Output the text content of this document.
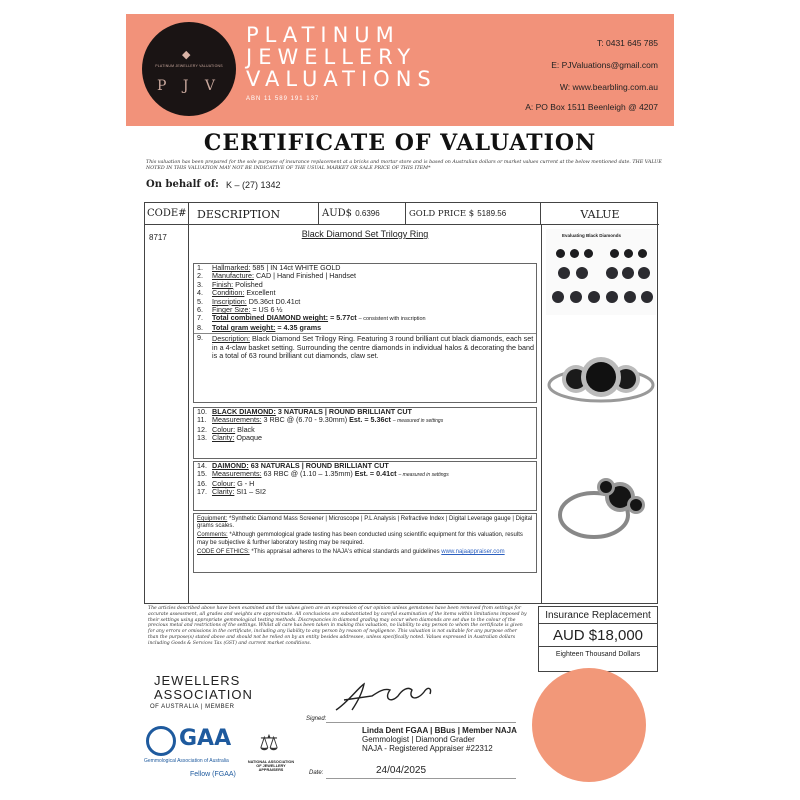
◆
PLATINUM JEWELLERY VALUATIONS
P J V
PLATINUM
JEWELLERY
VALUATIONS
ABN 11 589 191 137
T: 0431 645 785
E: PJValuations@gmail.com
W: www.bearbling.com.au
A: PO Box 1511 Beenleigh @ 4207
CERTIFICATE OF VALUATION
This valuation has been prepared for the sole purpose of insurance replacement at a bricks and mortar store and is based on Australian dollars or market values current at the below mentioned date. THE VALUE NOTED IN THIS VALUATION MAY NOT BE INDICATIVE OF THE USUAL MARKET OR SALE PRICE OF THIS ITEM*
On behalf of: K – (27) 1342
CODE# DESCRIPTION	AUD$ 0.6396	GOLD PRICE $ 5189.56	VALUE
8717	Black Diamond Set Trilogy Ring
1. Hallmarked: 585 | IN 14ct WHITE GOLD
2. Manufacture: CAD | Hand Finished | Handset
3. Finish: Polished
4. Condition: Excellent
5. Inscription: D5.36ct D0.41ct
6. Finger Size: = US 6 ½
7. Total combined DIAMOND weight: = 5.77ct – consistent with inscription
8. Total gram weight: = 4.35 grams
9. Description: Black Diamond Set Trilogy Ring. Featuring 3 round brilliant cut black diamonds, each set in a 4-claw basket setting. Surrounding the centre diamonds in individual halos & decorating the band is a total of 63 round brilliant cut diamonds, claw set.
10. BLACK DIAMOND: 3 NATURALS | ROUND BRILLIANT CUT
11. Measurements: 3 RBC @ (6.70 - 9.30mm) Est. = 5.36ct – measured in settings
12. Colour: Black
13. Clarity: Opaque
14. DAIMOND: 63 NATURALS | ROUND BRILLIANT CUT
15. Measurements: 63 RBC @ (1.10 – 1.35mm) Est. = 0.41ct – measured in settings
16. Colour: G - H
17. Clarity: SI1 – SI2
Equipment: *Synthetic Diamond Mass Screener | Microscope | P.L Analysis | Refractive Index | Digital Leverage gauge | Digital grams scales.
Comments: *Although gemmological grade testing has been conducted using scientific equipment for this valuation, results may be subjective & further laboratory testing may be required.
CODE OF ETHICS: *This appraisal adheres to the NAJA's ethical standards and guidelines www.najaappraiser.com
Evaluating Black Diamonds
The articles described above have been examined and the values given are an expression of our opinion unless gemstones have been removed from settings for accurate assessment, all grades and weights are approximate. All conclusions are substantiated by careful examination of the items within limitations imposed by their settings using appropriate gemmological testing methods. Discrepancies in diamond grading may occur when diamonds are set due to the colour of the precious metal and restrictions of the settings. Whilst all care has been taken in making this valuation, no liability to any person to whom the certificate is given for any errors or omissions in the certificate, including any liability to any person by reason of negligence. This valuation is not suitable for any purpose other than the purpose(s) stated above and should not be relied on by an entity besides addressee, unless specifically noted. Values expressed in Australian dollars including Goods & Services Tax (GST) and current market conditions.
Insurance Replacement
AUD $18,000
Eighteen Thousand Dollars
JEWELLERS
ASSOCIATION
OF AUSTRALIA | MEMBER
GAA
Gemmological Association of Australia
Fellow (FGAA)
⚖
NATIONAL ASSOCIATION OF JEWELLERY APPRAISERS
Signed:
Linda Dent FGAA | BBus | Member NAJA
Gemmologist | Diamond Grader
NAJA - Registered Appraiser #22312
Date:	24/04/2025
